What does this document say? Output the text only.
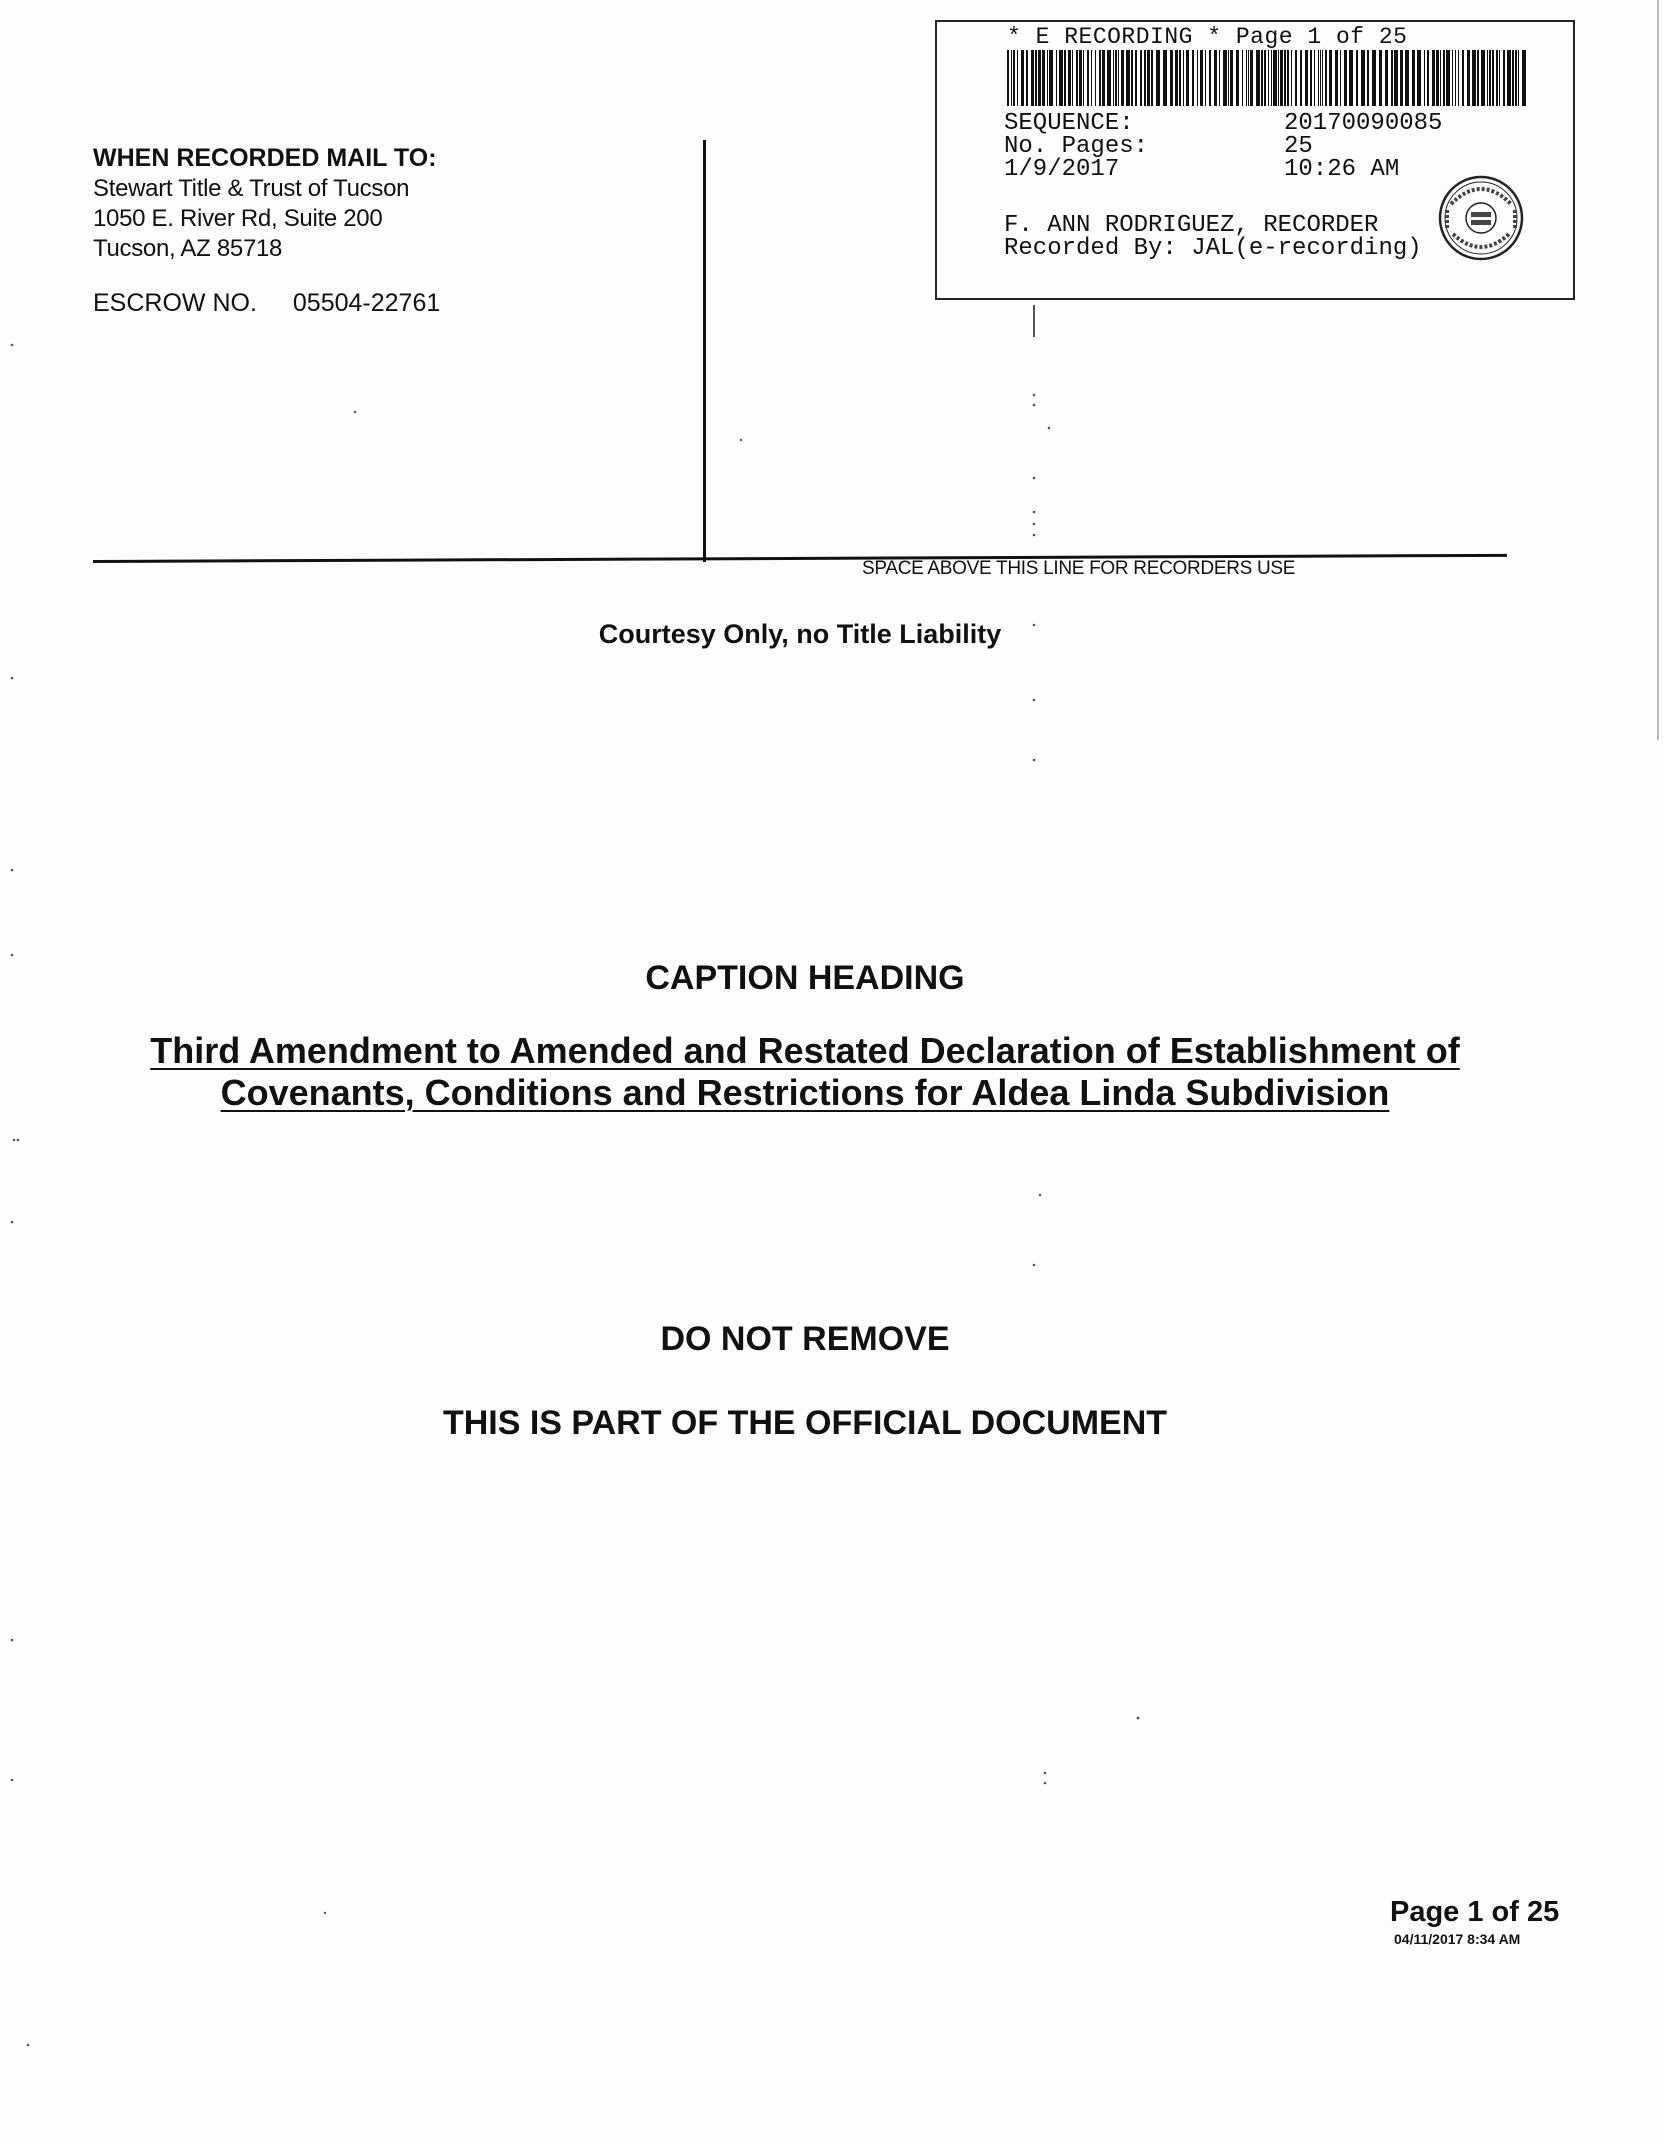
WHEN RECORDED MAIL TO:
Stewart Title & Trust of Tucson
1050 E. River Rd, Suite 200
Tucson, AZ 85718
ESCROW NO. 05504-22761
* E RECORDING * Page 1 of 25
SEQUENCE:	20170090085
No. Pages:	25
1/9/2017	10:26 AM
F. ANN RODRIGUEZ, RECORDER
Recorded By: JAL(e-recording)
SPACE ABOVE THIS LINE FOR RECORDERS USE
Courtesy Only, no Title Liability
CAPTION HEADING
Third Amendment to Amended and Restated Declaration of Establishment of
Covenants, Conditions and Restrictions for Aldea Linda Subdivision
DO NOT REMOVE
THIS IS PART OF THE OFFICIAL DOCUMENT
Page 1 of 25
04/11/2017 8:34 AM
